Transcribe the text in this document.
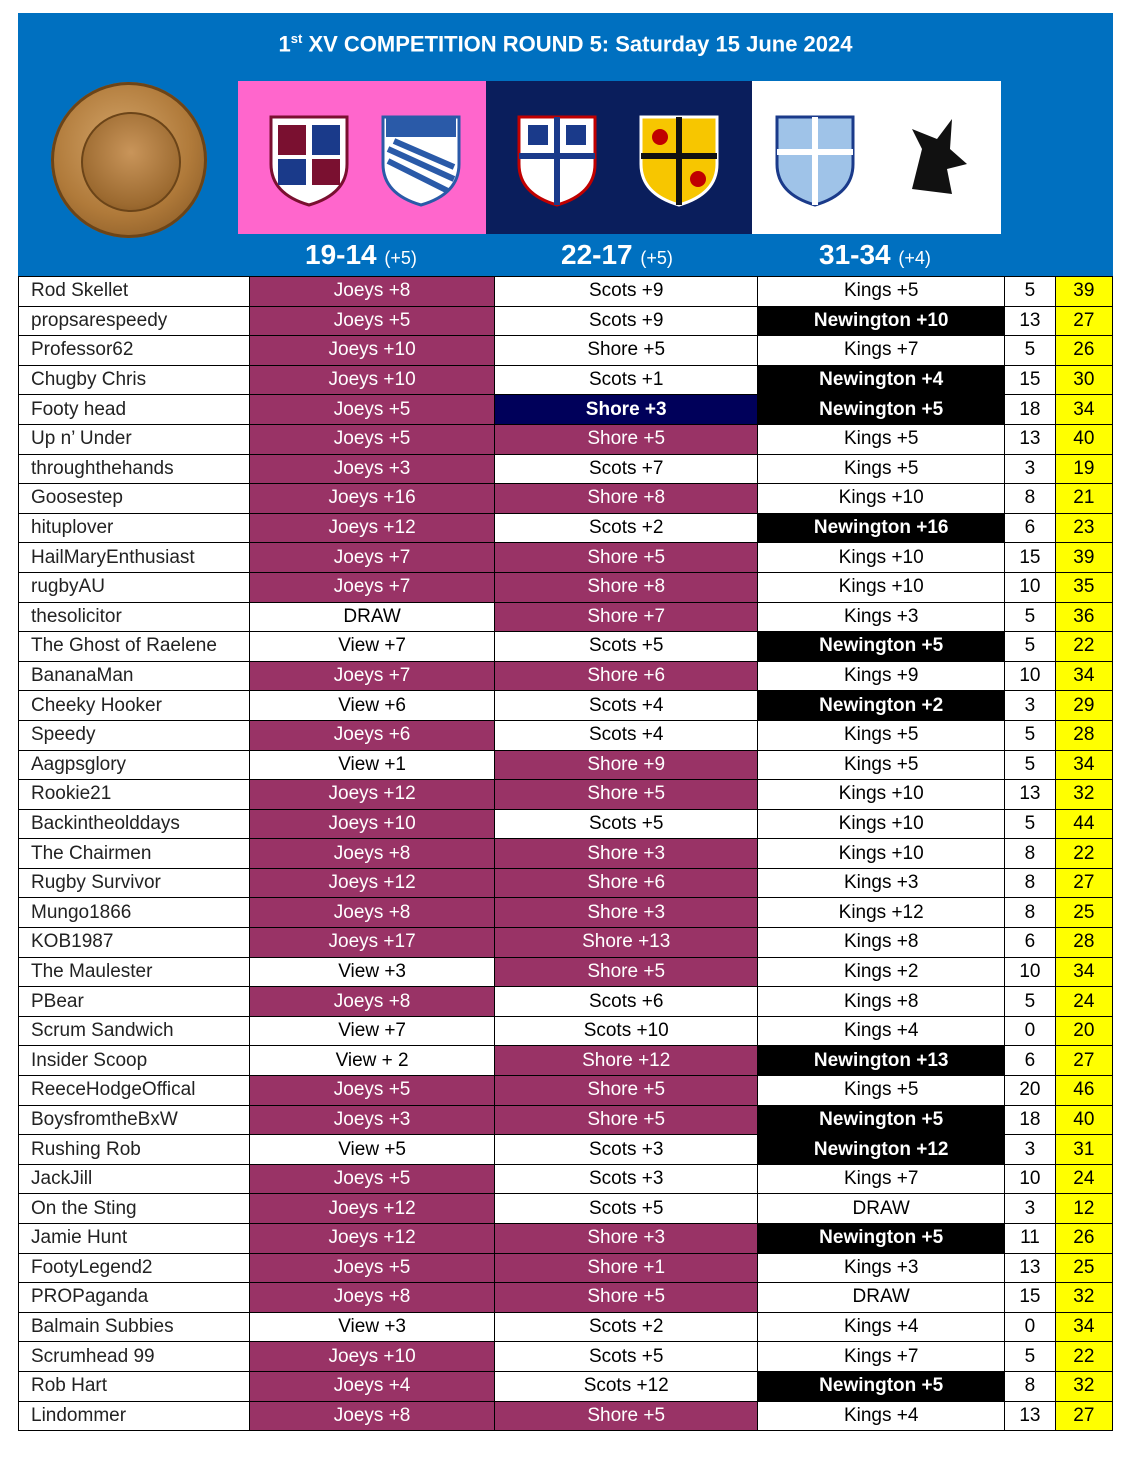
1st XV COMPETITION ROUND 5: Saturday 15 June 2024
19-14 (+5)	22-17 (+5)	31-34 (+4)
Rod Skellet	Joeys +8	Scots +9	Kings +5	5	39
propsarespeedy	Joeys +5	Scots +9	Newington +10	13	27
Professor62	Joeys +10	Shore +5	Kings +7	5	26
Chugby Chris	Joeys +10	Scots +1	Newington +4	15	30
Footy head	Joeys +5	Shore +3	Newington +5	18	34
Up n’ Under	Joeys +5	Shore +5	Kings +5	13	40
throughthehands	Joeys +3	Scots +7	Kings +5	3	19
Goosestep	Joeys +16	Shore +8	Kings +10	8	21
hituplover	Joeys +12	Scots +2	Newington +16	6	23
HailMaryEnthusiast	Joeys +7	Shore +5	Kings +10	15	39
rugbyAU	Joeys +7	Shore +8	Kings +10	10	35
thesolicitor	DRAW	Shore +7	Kings +3	5	36
The Ghost of Raelene	View +7	Scots +5	Newington +5	5	22
BananaMan	Joeys +7	Shore +6	Kings +9	10	34
Cheeky Hooker	View +6	Scots +4	Newington +2	3	29
Speedy	Joeys +6	Scots +4	Kings +5	5	28
Aagpsglory	View +1	Shore +9	Kings +5	5	34
Rookie21	Joeys +12	Shore +5	Kings +10	13	32
Backintheolddays	Joeys +10	Scots +5	Kings +10	5	44
The Chairmen	Joeys +8	Shore +3	Kings +10	8	22
Rugby Survivor	Joeys +12	Shore +6	Kings +3	8	27
Mungo1866	Joeys +8	Shore +3	Kings +12	8	25
KOB1987	Joeys +17	Shore +13	Kings +8	6	28
The Maulester	View +3	Shore +5	Kings +2	10	34
PBear	Joeys +8	Scots +6	Kings +8	5	24
Scrum Sandwich	View +7	Scots +10	Kings +4	0	20
Insider Scoop	View + 2	Shore +12	Newington +13	6	27
ReeceHodgeOffical	Joeys +5	Shore +5	Kings +5	20	46
BoysfromtheBxW	Joeys +3	Shore +5	Newington +5	18	40
Rushing Rob	View +5	Scots +3	Newington +12	3	31
JackJill	Joeys +5	Scots +3	Kings +7	10	24
On the Sting	Joeys +12	Scots +5	DRAW	3	12
Jamie Hunt	Joeys +12	Shore +3	Newington +5	11	26
FootyLegend2	Joeys +5	Shore +1	Kings +3	13	25
PROPaganda	Joeys +8	Shore +5	DRAW	15	32
Balmain Subbies	View +3	Scots +2	Kings +4	0	34
Scrumhead 99	Joeys +10	Scots +5	Kings +7	5	22
Rob Hart	Joeys +4	Scots +12	Newington +5	8	32
Lindommer	Joeys +8	Shore +5	Kings +4	13	27
